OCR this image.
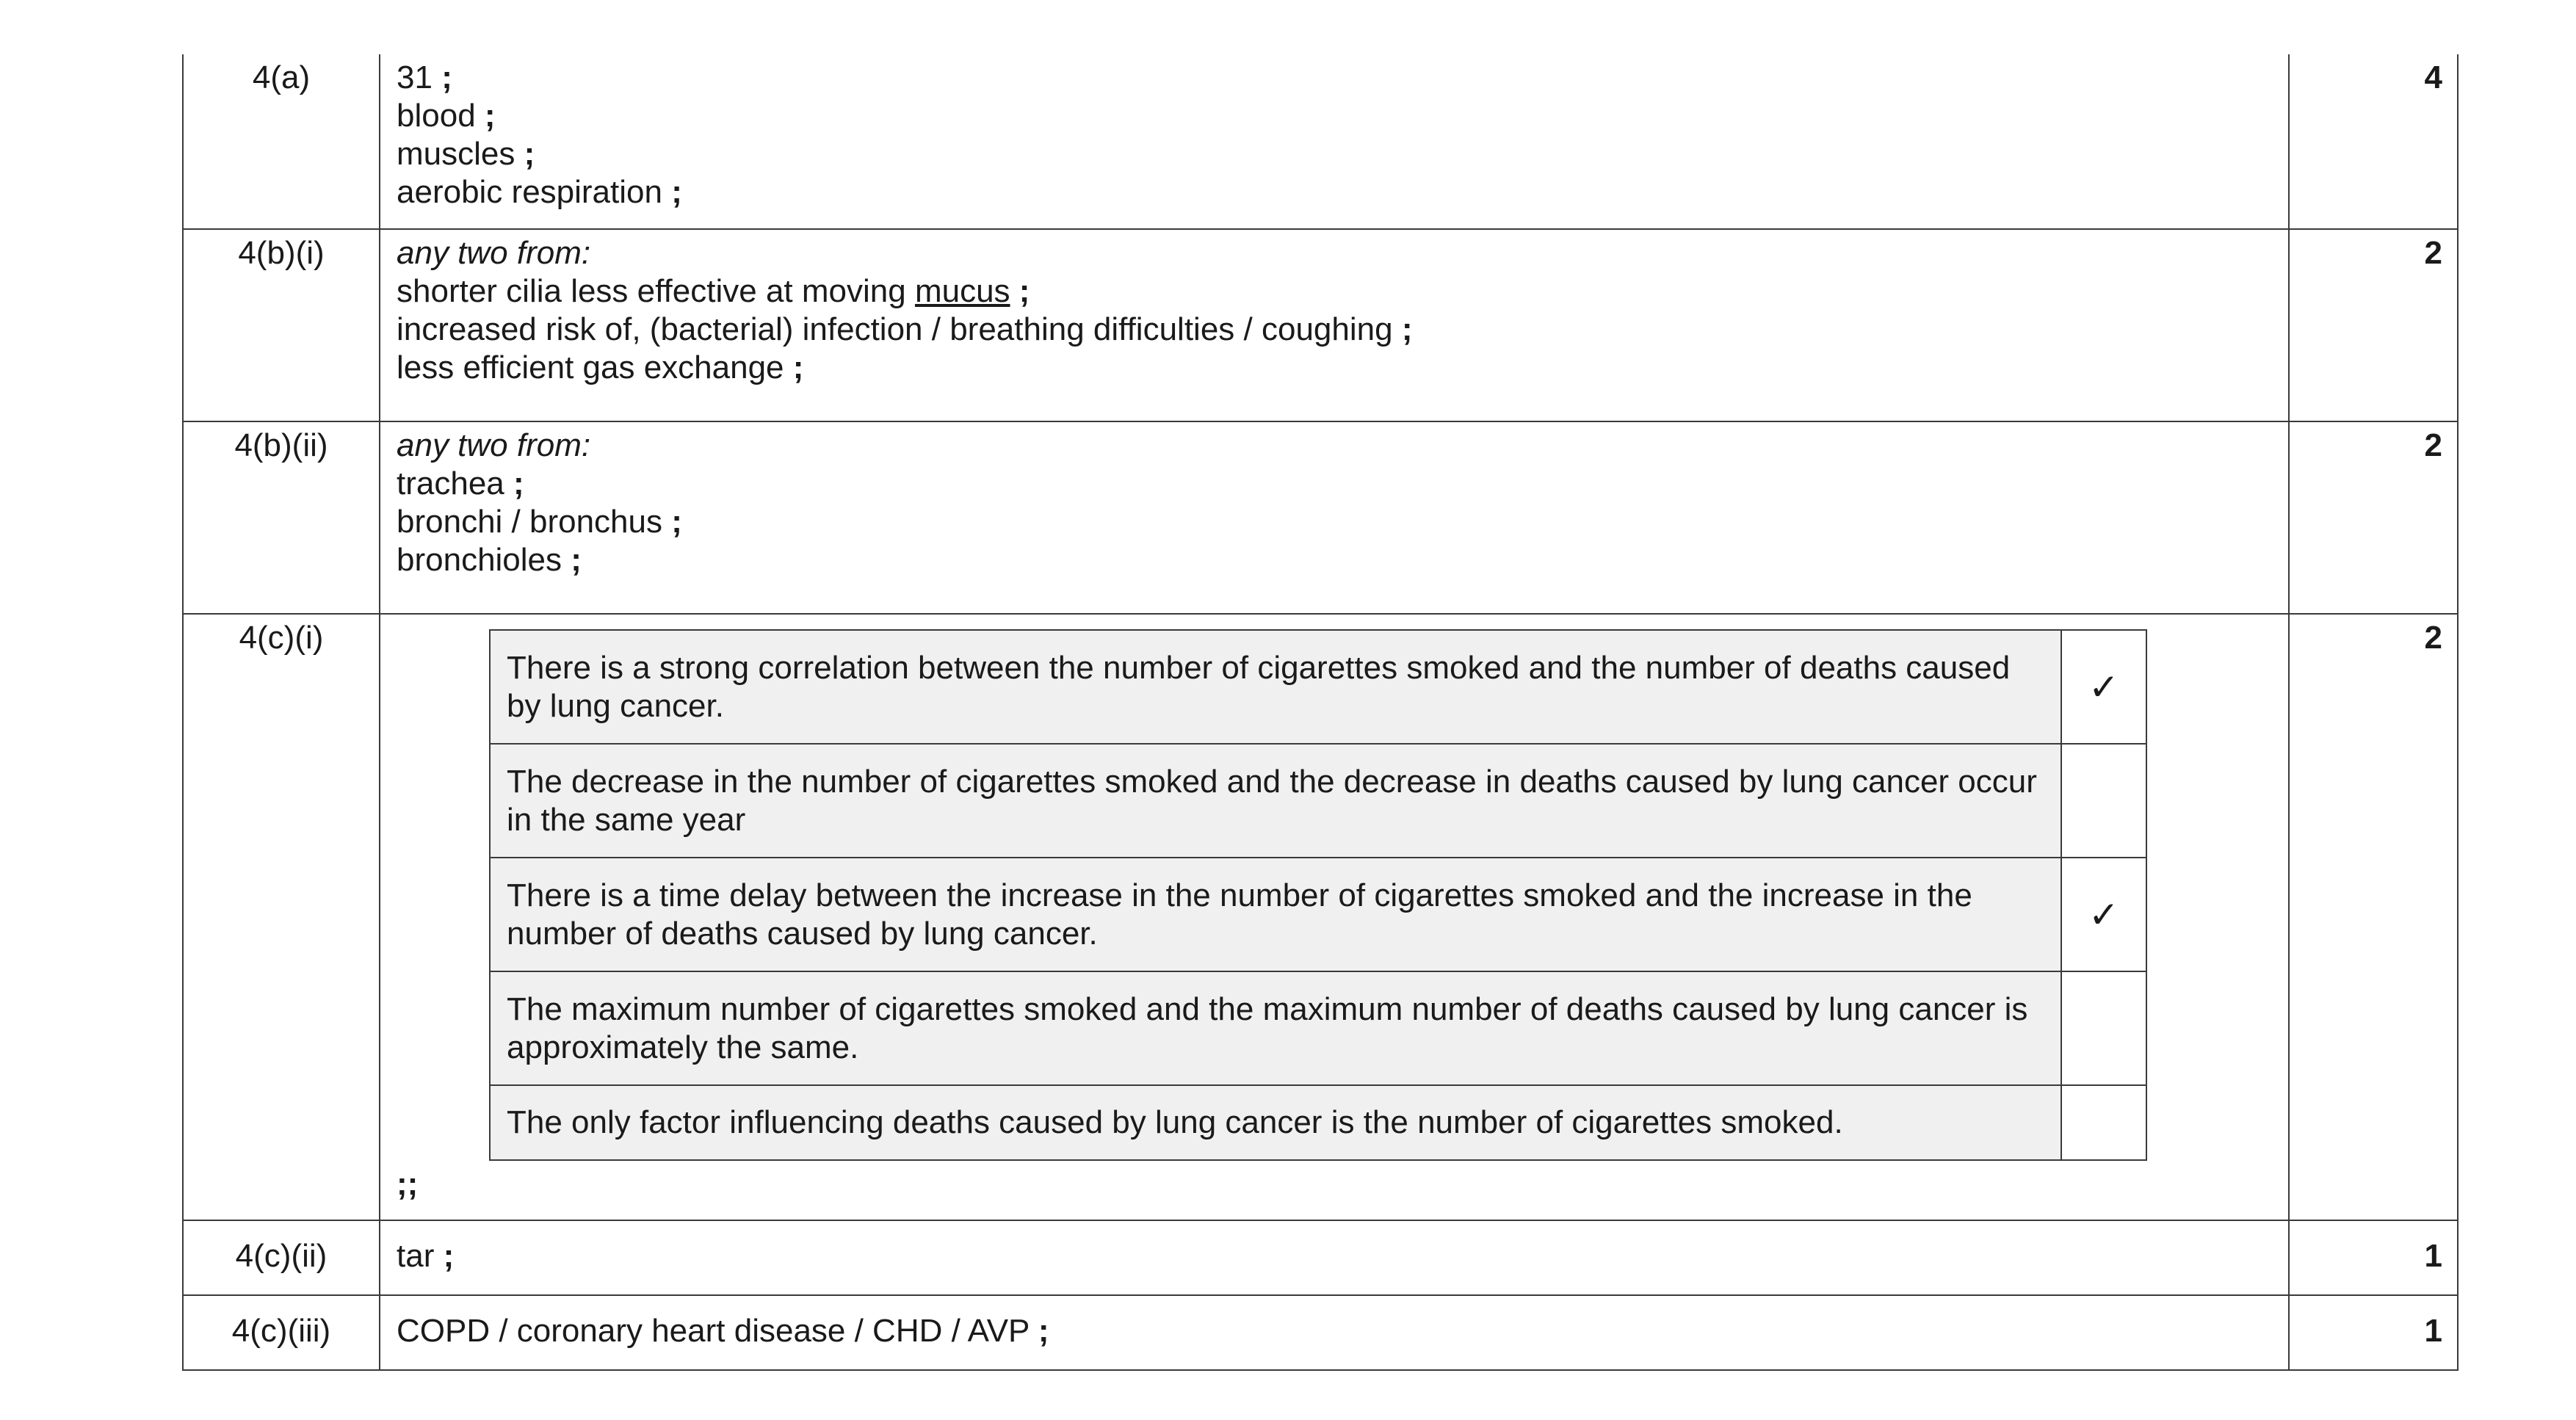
4(a)	31 ;
blood ;
muscles ;
aerobic respiration ;
	4
4(b)(i)	any two from:
shorter cilia less effective at moving mucus ;
increased risk of, (bacterial) infection / breathing difficulties / coughing ;
less efficient gas exchange ;
	2
4(b)(ii)	any two from:
trachea ;
bronchi / bronchus ;
bronchioles ;
	2
4(c)(i)	
There is a strong correlation between the number of cigarettes smoked and the number of deaths caused by lung cancer.	✓
The decrease in the number of cigarettes smoked and the decrease in deaths caused by lung cancer occur in the same year	
There is a time delay between the increase in the number of cigarettes smoked and the increase in the number of deaths caused by lung cancer.	✓
The maximum number of cigarettes smoked and the maximum number of deaths caused by lung cancer is approximately the same.	
The only factor influencing deaths caused by lung cancer is the number of cigarettes smoked.	
;;
	2
4(c)(ii)	tar ;	1
4(c)(iii)	COPD / coronary heart disease / CHD / AVP ;	1
